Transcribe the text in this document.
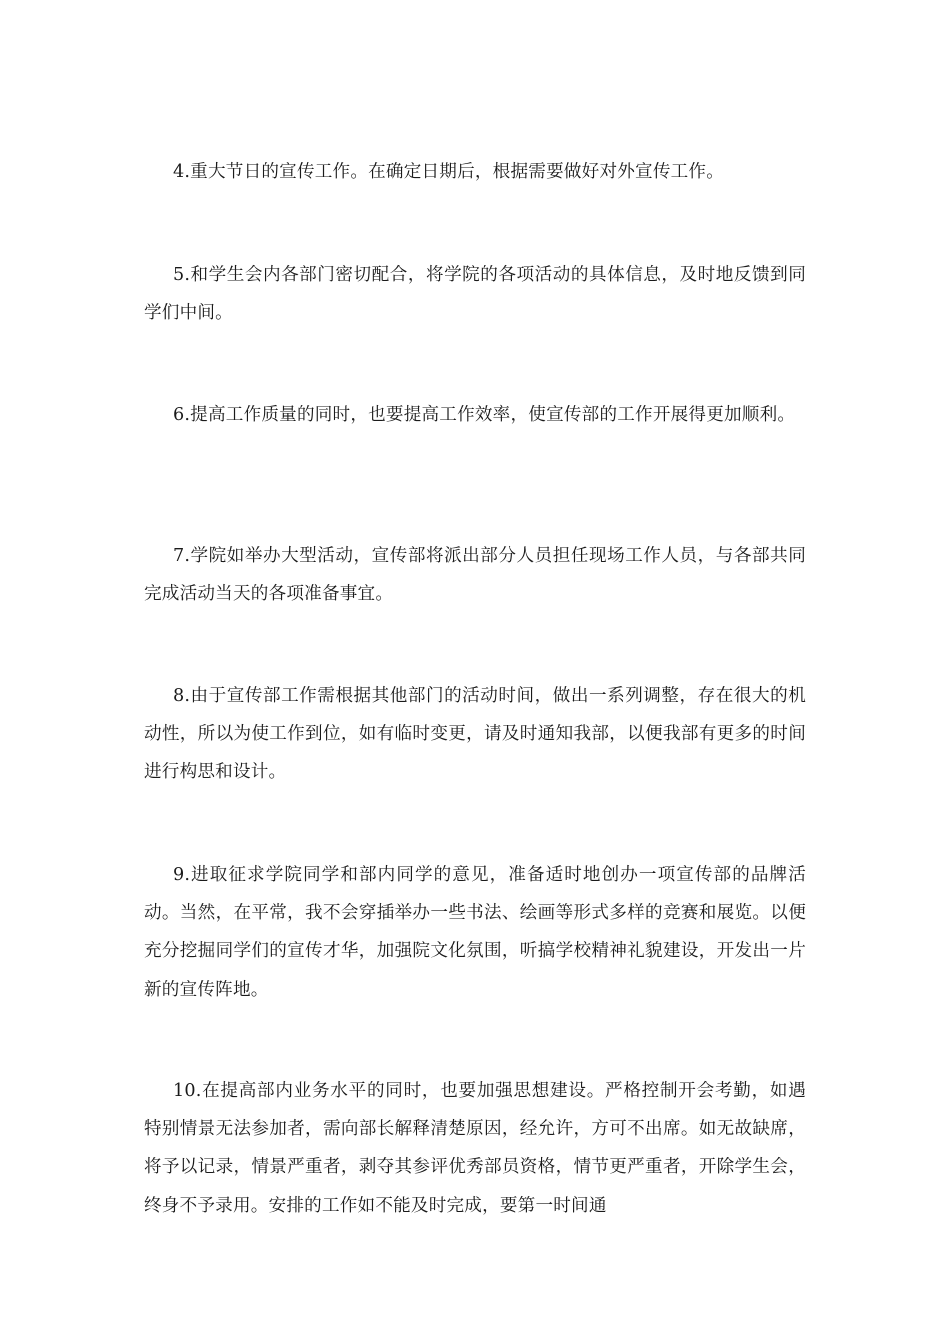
4.重大节日的宣传工作。在确定日期后，根据需要做好对外宣传工作。

5.和学生会内各部门密切配合，将学院的各项活动的具体信息，及时地反馈到同学们中间。

6.提高工作质量的同时，也要提高工作效率，使宣传部的工作开展得更加顺利。

7.学院如举办大型活动，宣传部将派出部分人员担任现场工作人员，与各部共同完成活动当天的各项准备事宜。

8.由于宣传部工作需根据其他部门的活动时间，做出一系列调整，存在很大的机动性，所以为使工作到位，如有临时变更，请及时通知我部，以便我部有更多的时间进行构思和设计。

9.进取征求学院同学和部内同学的意见，准备适时地创办一项宣传部的品牌活动。当然，在平常，我不会穿插举办一些书法、绘画等形式多样的竞赛和展览。以便充分挖掘同学们的宣传才华，加强院文化氛围，听搞学校精神礼貌建设，开发出一片新的宣传阵地。

10.在提高部内业务水平的同时，也要加强思想建设。严格控制开会考勤，如遇特别情景无法参加者，需向部长解释清楚原因，经允许，方可不出席。如无故缺席，将予以记录，情景严重者，剥夺其参评优秀部员资格，情节更严重者，开除学生会，终身不予录用。安排的工作如不能及时完成，要第一时间通
